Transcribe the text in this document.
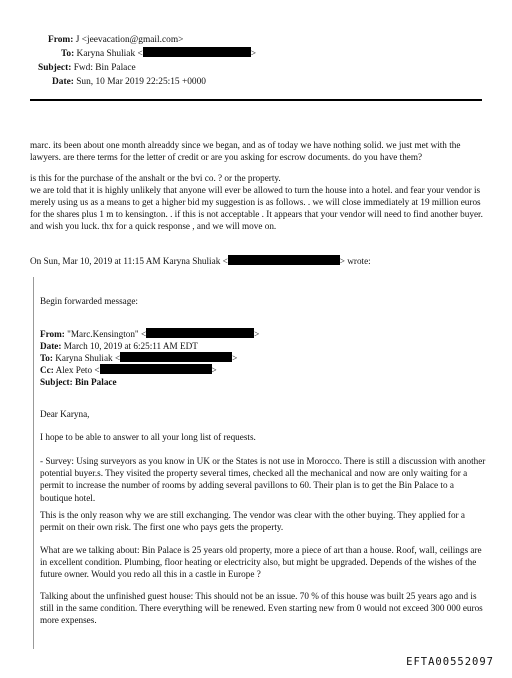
From: J <jeevacation@gmail.com>
To: Karyna Shuliak <	>
Subject: Fwd: Bin Palace
Date: Sun, 10 Mar 2019 22:25:15 +0000

marc. its been about one month alreaddy since we began, and as of today we have nothing solid. we just met with the lawyers. are there terms for the letter of credit or are you asking for escrow documents. do you have them?

is this for the purchase of the anshalt or the bvi co. ? or the property.

we are told that it is highly unlikely that anyone will ever be allowed to turn the house into a hotel. and fear your vendor is merely using us as a means to get a higher bid my suggestion is as follows. . we will close immediately at 19 million euros for the shares plus 1 m to kensington. . if this is not acceptable . It appears that your vendor will need to find another buyer. and wish you luck. thx for a quick response , and we will move on.

On Sun, Mar 10, 2019 at 11:15 AM Karyna Shuliak <	> wrote:

Begin forwarded message:

From: "Marc.Kensington" <	>
Date: March 10, 2019 at 6:25:11 AM EDT
To: Karyna Shuliak <	>
Cc: Alex Peto <	>
Subject: Bin Palace

Dear Karyna,

I hope to be able to answer to all your long list of requests.

- Survey: Using surveyors as you know in UK or the States is not use in Morocco. There is still a discussion with another potential buyer.s. They visited the property several times, checked all the mechanical and now are only waiting for a permit to increase the number of rooms by adding several pavillons to 60. Their plan is to get the Bin Palace to a boutique hotel.

This is the only reason why we are still exchanging. The vendor was clear with the other buying. They applied for a permit on their own risk. The first one who pays gets the property.

What are we talking about: Bin Palace is 25 years old property, more a piece of art than a house. Roof, wall, ceilings are in excellent condition. Plumbing, floor heating or electricity also, but might be upgraded. Depends of the wishes of the future owner. Would you redo all this in a castle in Europe ?

Talking about the unfinished guest house: This should not be an issue. 70 % of this house was built 25 years ago and is still in the same condition. There everything will be renewed. Even starting new from 0 would not exceed 300 000 euros more expenses.

EFTA00552097
